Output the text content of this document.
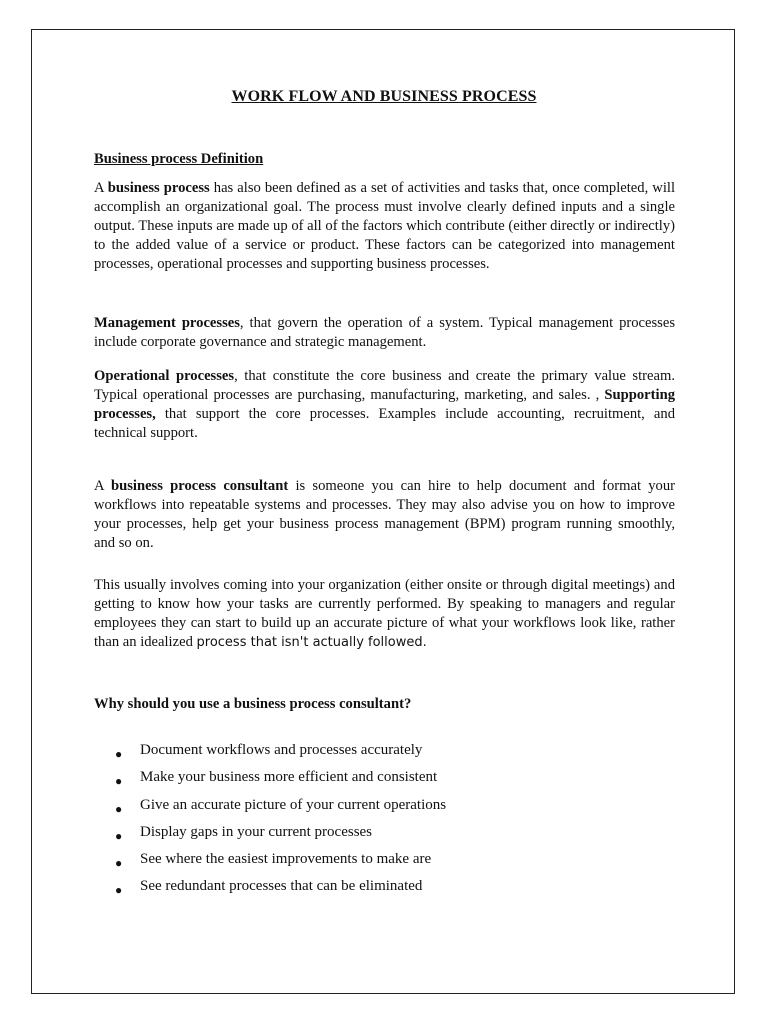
WORK FLOW AND BUSINESS PROCESS
Business process Definition
A business process has also been defined as a set of activities and tasks that, once completed, will accomplish an organizational goal. The process must involve clearly defined inputs and a single output. These inputs are made up of all of the factors which contribute (either directly or indirectly) to the added value of a service or product. These factors can be categorized into management processes, operational processes and supporting business processes.
Management processes, that govern the operation of a system. Typical management processes include corporate governance and strategic management.
Operational processes, that constitute the core business and create the primary value stream. Typical operational processes are purchasing, manufacturing, marketing, and sales. , Supporting processes, that support the core processes. Examples include accounting, recruitment, and technical support.
A business process consultant is someone you can hire to help document and format your workflows into repeatable systems and processes. They may also advise you on how to improve your processes, help get your business process management (BPM) program running smoothly, and so on.
This usually involves coming into your organization (either onsite or through digital meetings) and getting to know how your tasks are currently performed. By speaking to managers and regular employees they can start to build up an accurate picture of what your workflows look like, rather than an idealized process that isn't actually followed.
Why should you use a business process consultant?
● Document workflows and processes accurately
● Make your business more efficient and consistent
● Give an accurate picture of your current operations
● Display gaps in your current processes
● See where the easiest improvements to make are
● See redundant processes that can be eliminated
